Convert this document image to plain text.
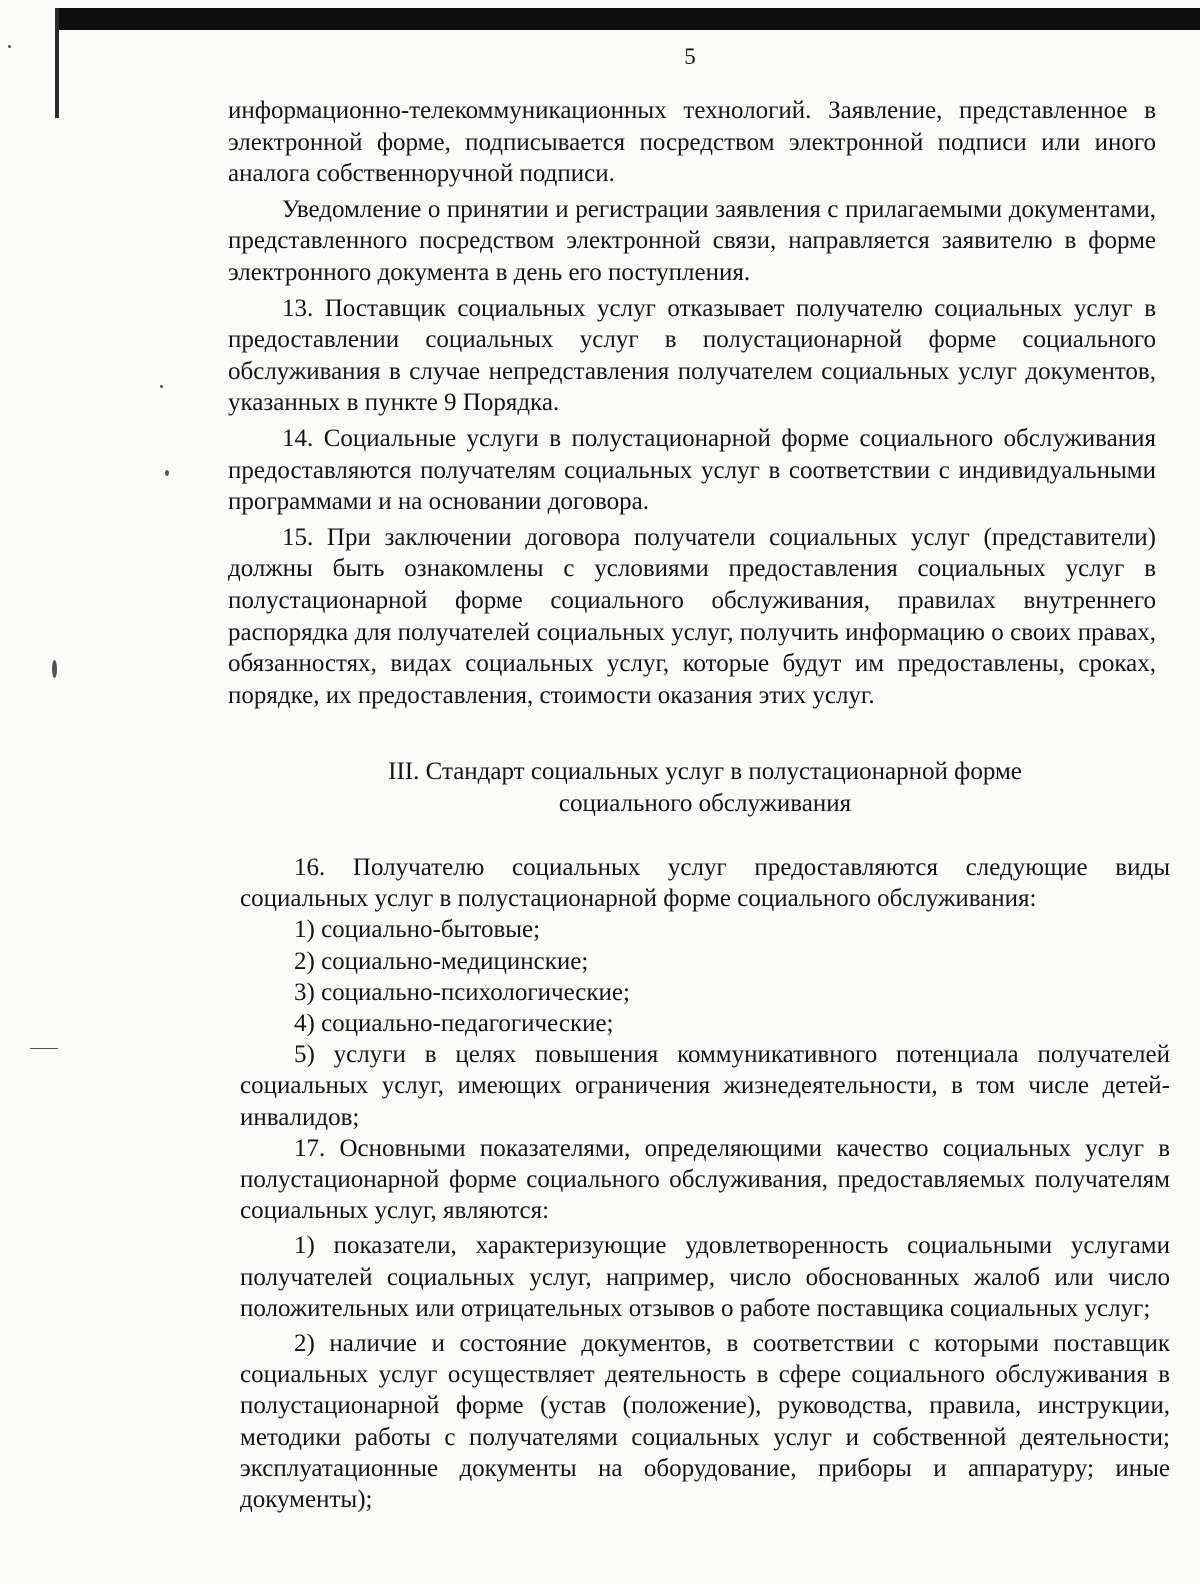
5

информационно-телекоммуникационных технологий. Заявление, представленное в электронной форме, подписывается посредством электронной подписи или иного аналога собственноручной подписи.

Уведомление о принятии и регистрации заявления с прилагаемыми документами, представленного посредством электронной связи, направляется заявителю в форме электронного документа в день его поступления.

13. Поставщик социальных услуг отказывает получателю социальных услуг в предоставлении социальных услуг в полустационарной форме социального обслуживания в случае непредставления получателем социальных услуг документов, указанных в пункте 9 Порядка.

14. Социальные услуги в полустационарной форме социального обслуживания предоставляются получателям социальных услуг в соответствии с индивидуальными программами и на основании договора.

15. При заключении договора получатели социальных услуг (представители) должны быть ознакомлены с условиями предоставления социальных услуг в полустационарной форме социального обслуживания, правилах внутреннего распорядка для получателей социальных услуг, получить информацию о своих правах, обязанностях, видах социальных услуг, которые будут им предоставлены, сроках, порядке, их предоставления, стоимости оказания этих услуг.

III. Стандарт социальных услуг в полустационарной форме

социального обслуживания

16. Получателю социальных услуг предоставляются следующие виды социальных услуг в полустационарной форме социального обслуживания:

1) социально-бытовые;

2) социально-медицинские;

3) социально-психологические;

4) социально-педагогические;

5) услуги в целях повышения коммуникативного потенциала получателей социальных услуг, имеющих ограничения жизнедеятельности, в том числе детей-инвалидов;

17. Основными показателями, определяющими качество социальных услуг в полустационарной форме социального обслуживания, предоставляемых получателям социальных услуг, являются:

1) показатели, характеризующие удовлетворенность социальными услугами получателей социальных услуг, например, число обоснованных жалоб или число положительных или отрицательных отзывов о работе поставщика социальных услуг;

2) наличие и состояние документов, в соответствии с которыми поставщик социальных услуг осуществляет деятельность в сфере социального обслуживания в полустационарной форме (устав (положение), руководства, правила, инструкции, методики работы с получателями социальных услуг и собственной деятельности; эксплуатационные документы на оборудование, приборы и аппаратуру; иные документы);
